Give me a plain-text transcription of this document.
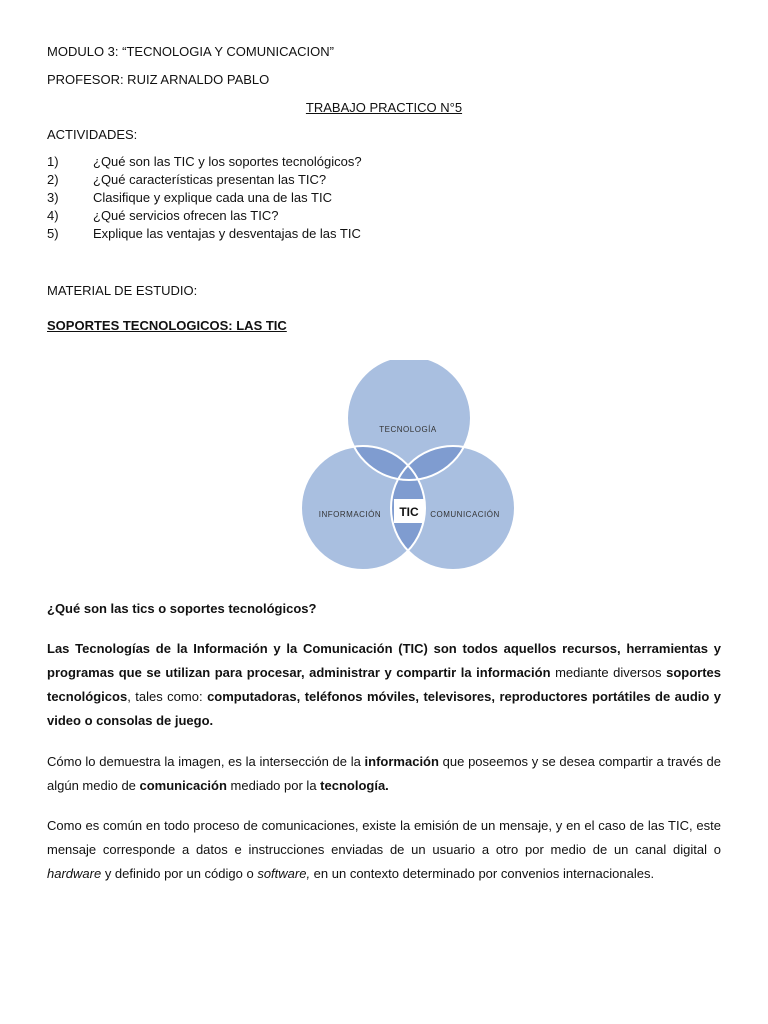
MODULO 3: “TECNOLOGIA Y COMUNICACION”
PROFESOR: RUIZ ARNALDO PABLO
TRABAJO PRACTICO N°5
ACTIVIDADES:
1)	¿Qué son las TIC y los soportes tecnológicos?
2)	¿Qué características presentan las TIC?
3)	Clasifique y explique cada una de las TIC
4)	¿Qué servicios ofrecen las TIC?
5)	Explique las ventajas y desventajas de las TIC
MATERIAL DE ESTUDIO:
SOPORTES TECNOLOGICOS: LAS TIC
TIC
TECNOLOGÍA
INFORMACIÓN	COMUNICACIÓN
¿Qué son las tics o soportes tecnológicos?

Las Tecnologías de la Información y la Comunicación (TIC) son todos aquellos recursos, herramientas y programas que se utilizan para procesar, administrar y compartir la información mediante diversos soportes tecnológicos, tales como: computadoras, teléfonos móviles, televisores, reproductores portátiles de audio y video o consolas de juego.

Cómo lo demuestra la imagen, es la intersección de la información que poseemos y se desea compartir a través de algún medio de comunicación mediado por la tecnología.

Como es común en todo proceso de comunicaciones, existe la emisión de un mensaje, y en el caso de las TIC, este mensaje corresponde a datos e instrucciones enviadas de un usuario a otro por medio de un canal digital o hardware y definido por un código o software, en un contexto determinado por convenios internacionales.
